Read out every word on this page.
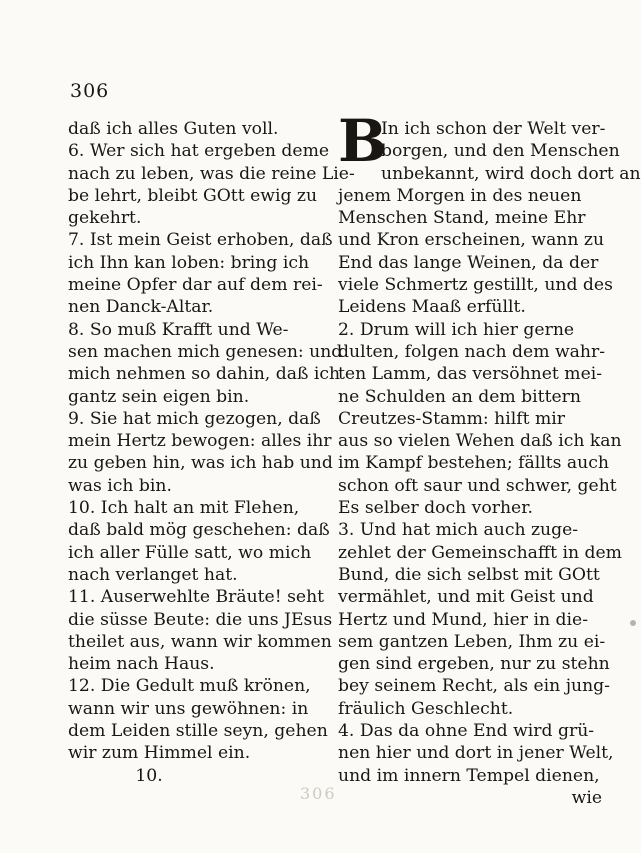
306
daß ich alles Guten voll.
6. Wer sich hat ergeben deme
nach zu leben, was die reine Lie-
be lehrt, bleibt GOtt ewig zu
gekehrt.
7. Ist mein Geist erhoben, daß
ich Ihn kan loben: bring ich
meine Opfer dar auf dem rei-
nen Danck-Altar.
8. So muß Krafft und We-
sen machen mich genesen: und
mich nehmen so dahin, daß ich
gantz sein eigen bin.
9. Sie hat mich gezogen, daß
mein Hertz bewogen: alles ihr
zu geben hin, was ich hab und
was ich bin.
10. Ich halt an mit Flehen,
daß bald mög geschehen: daß
ich aller Fülle satt, wo mich
nach verlanget hat.
11. Auserwehlte Bräute! seht
die süsse Beute: die uns JEsus
theilet aus, wann wir kommen
heim nach Haus.
12. Die Gedult muß krönen,
wann wir uns gewöhnen: in
dem Leiden stille seyn, gehen
wir zum Himmel ein.
10.
B
In ich schon der Welt ver-
borgen, und den Menschen
unbekannt, wird doch dort an
jenem Morgen in des neuen
Menschen Stand, meine Ehr
und Kron erscheinen, wann zu
End das lange Weinen, da der
viele Schmertz gestillt, und des
Leidens Maaß erfüllt.
2. Drum will ich hier gerne
dulten, folgen nach dem wahr-
ten Lamm, das versöhnet mei-
ne Schulden an dem bittern
Creutzes-Stamm: hilft mir
aus so vielen Wehen daß ich kan
im Kampf bestehen; fällts auch
schon oft saur und schwer, geht
Es selber doch vorher.
3. Und hat mich auch zuge-
zehlet der Gemeinschafft in dem
Bund, die sich selbst mit GOtt
vermählet, und mit Geist und
Hertz und Mund, hier in die-
sem gantzen Leben, Ihm zu ei-
gen sind ergeben, nur zu stehn
bey seinem Recht, als ein jung-
fräulich Geschlecht.
4. Das da ohne End wird grü-
nen hier und dort in jener Welt,
und im innern Tempel dienen,
wie
306
